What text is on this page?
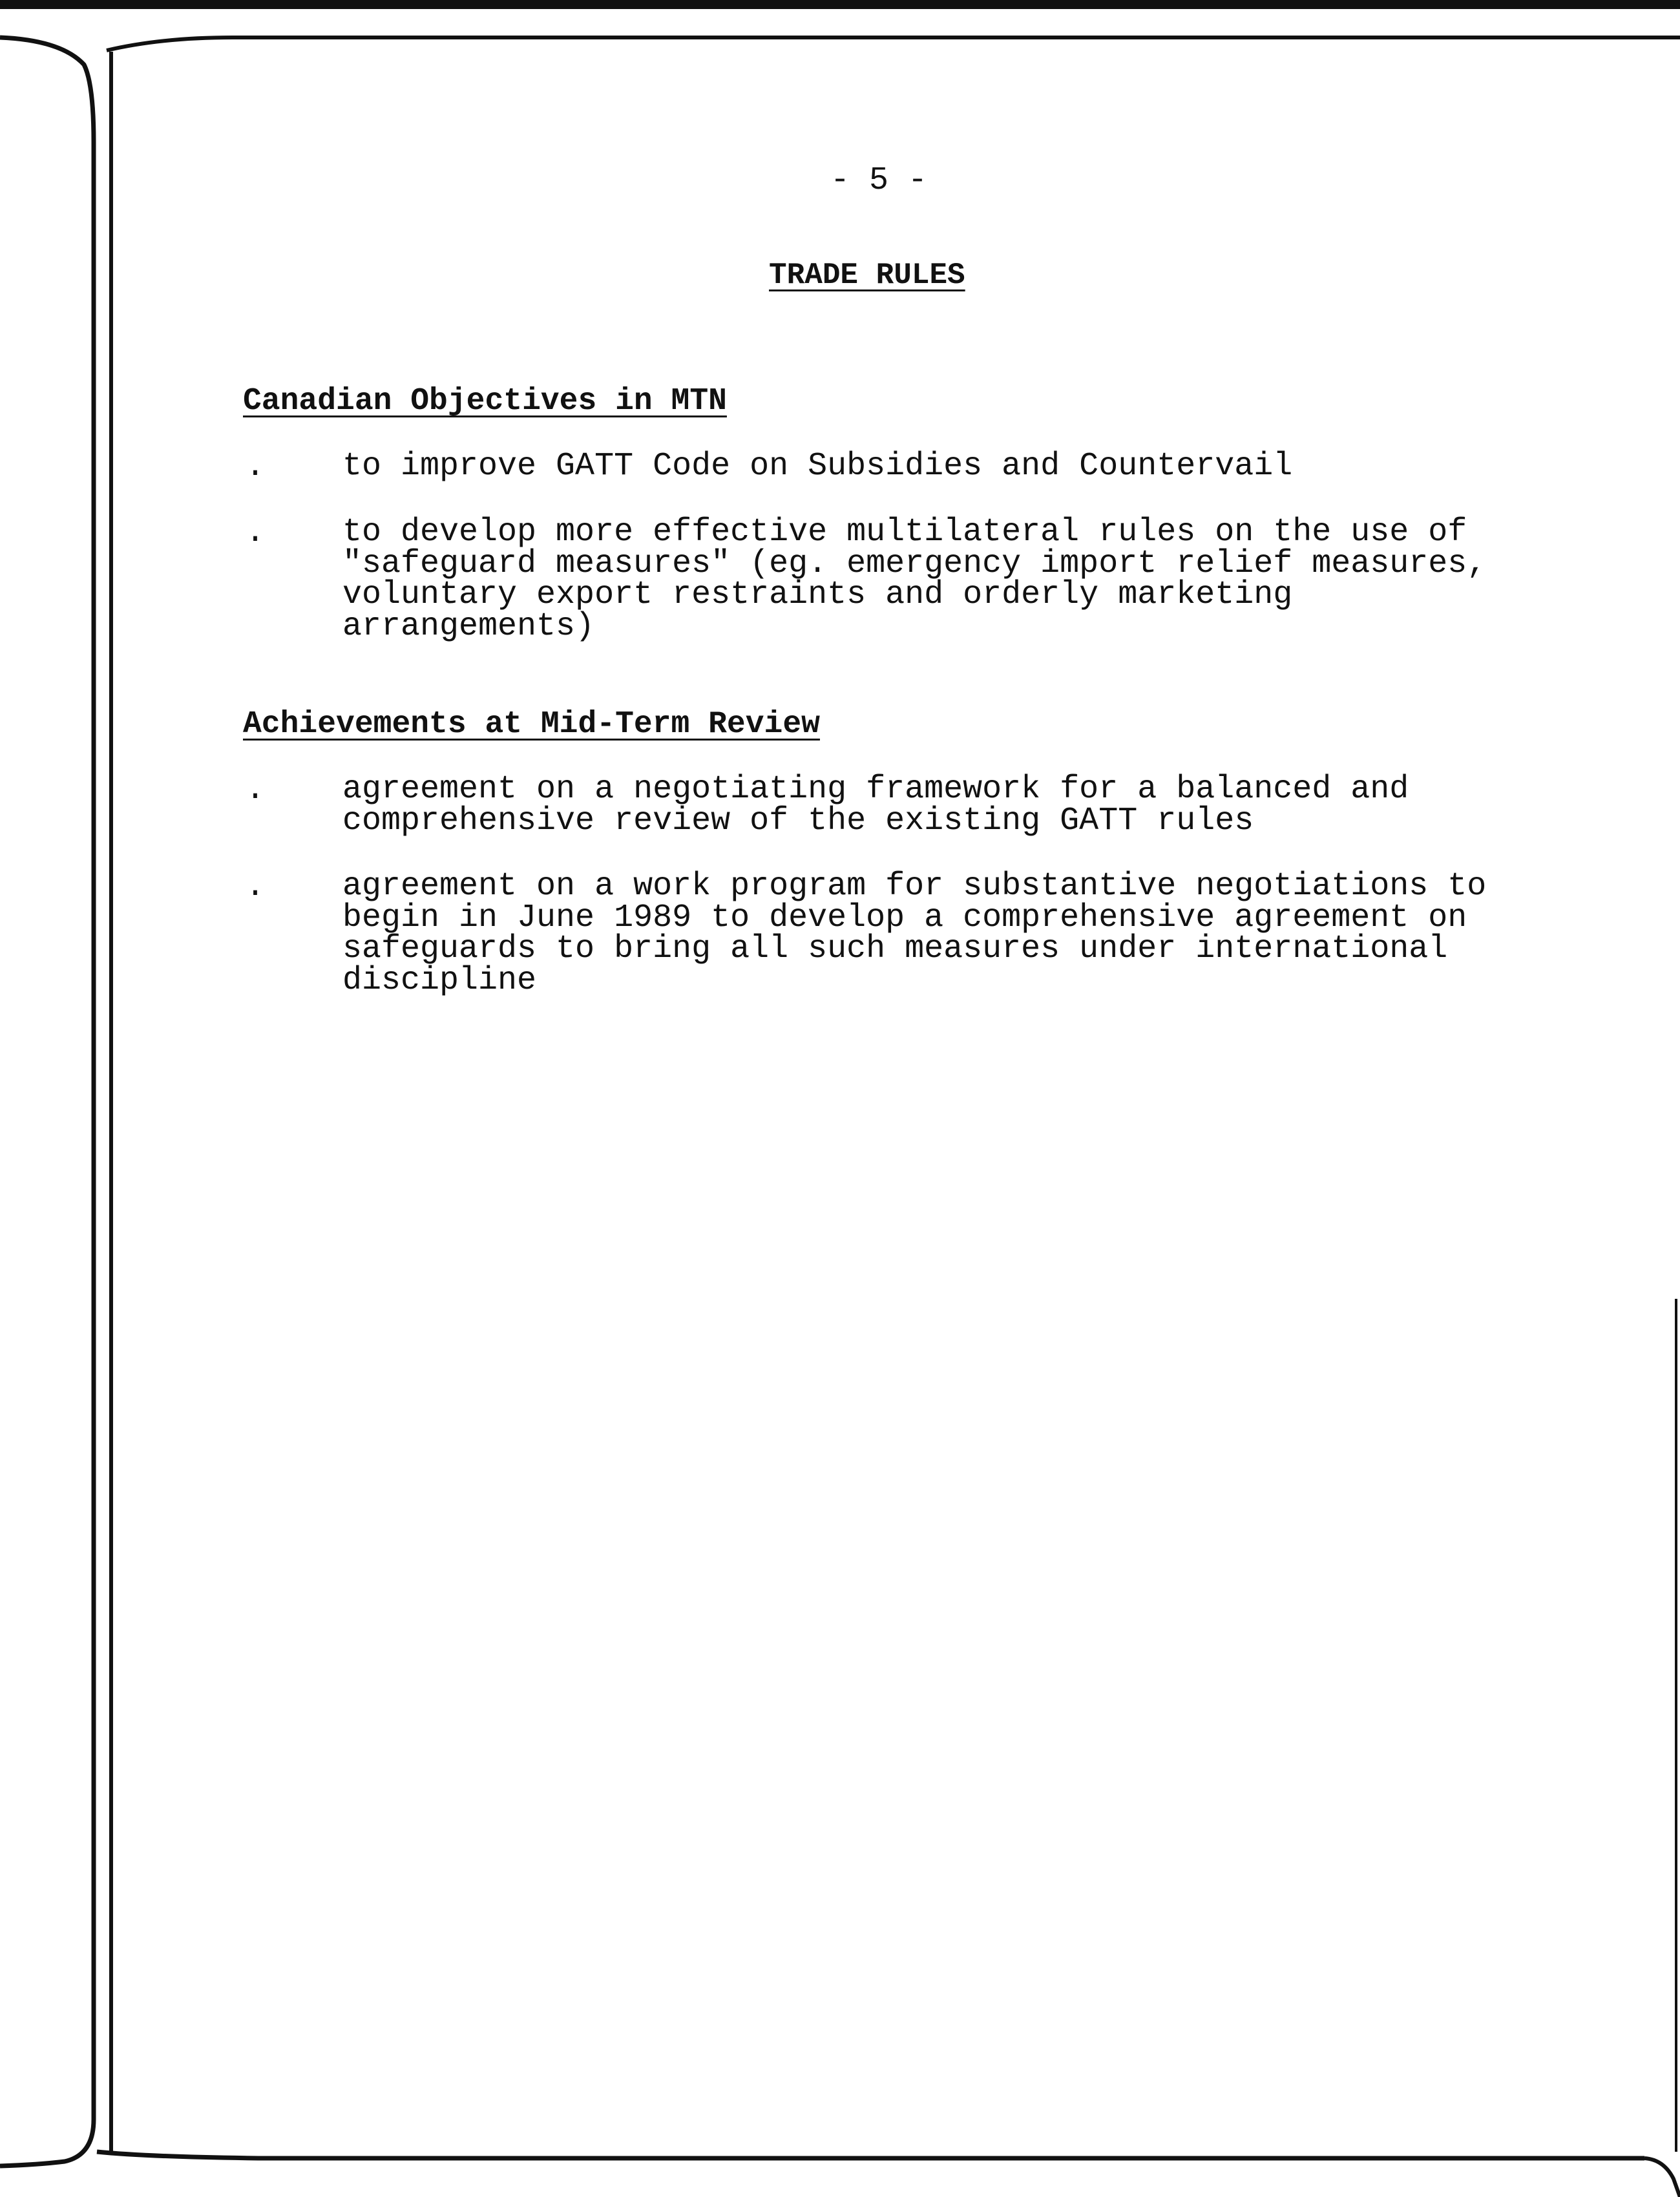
- 5 -

TRADE RULES

Canadian Objectives in MTN

. to improve GATT Code on Subsidies and Countervail

. to develop more effective multilateral rules on the use of
"safeguard measures" (eg. emergency import relief measures,
voluntary export restraints and orderly marketing
arrangements)

Achievements at Mid-Term Review

. agreement on a negotiating framework for a balanced and
comprehensive review of the existing GATT rules

. agreement on a work program for substantive negotiations to
begin in June 1989 to develop a comprehensive agreement on
safeguards to bring all such measures under international
discipline
